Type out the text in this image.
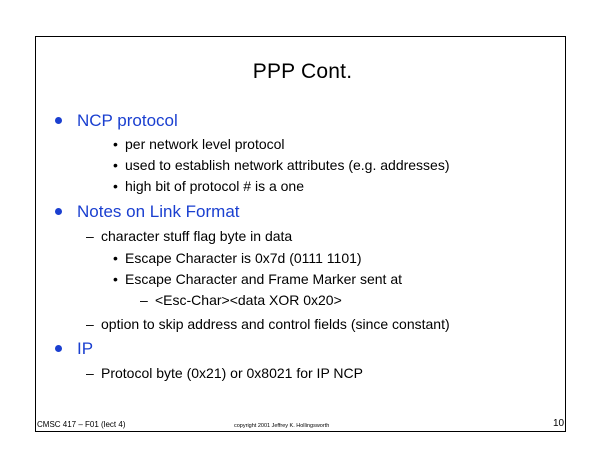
PPP Cont.
NCP protocol
• per network level protocol
• used to establish network attributes (e.g. addresses)
• high bit of protocol # is a one
Notes on Link Format
– character stuff flag byte in data
• Escape Character is 0x7d (0111 1101)
• Escape Character and Frame Marker sent at
– <Esc-Char><data XOR 0x20>
– option to skip address and control fields (since constant)
IP
– Protocol byte (0x21) or 0x8021 for IP NCP
CMSC 417 – F01 (lect 4)	copyright 2001 Jeffrey K. Hollingsworth	10
